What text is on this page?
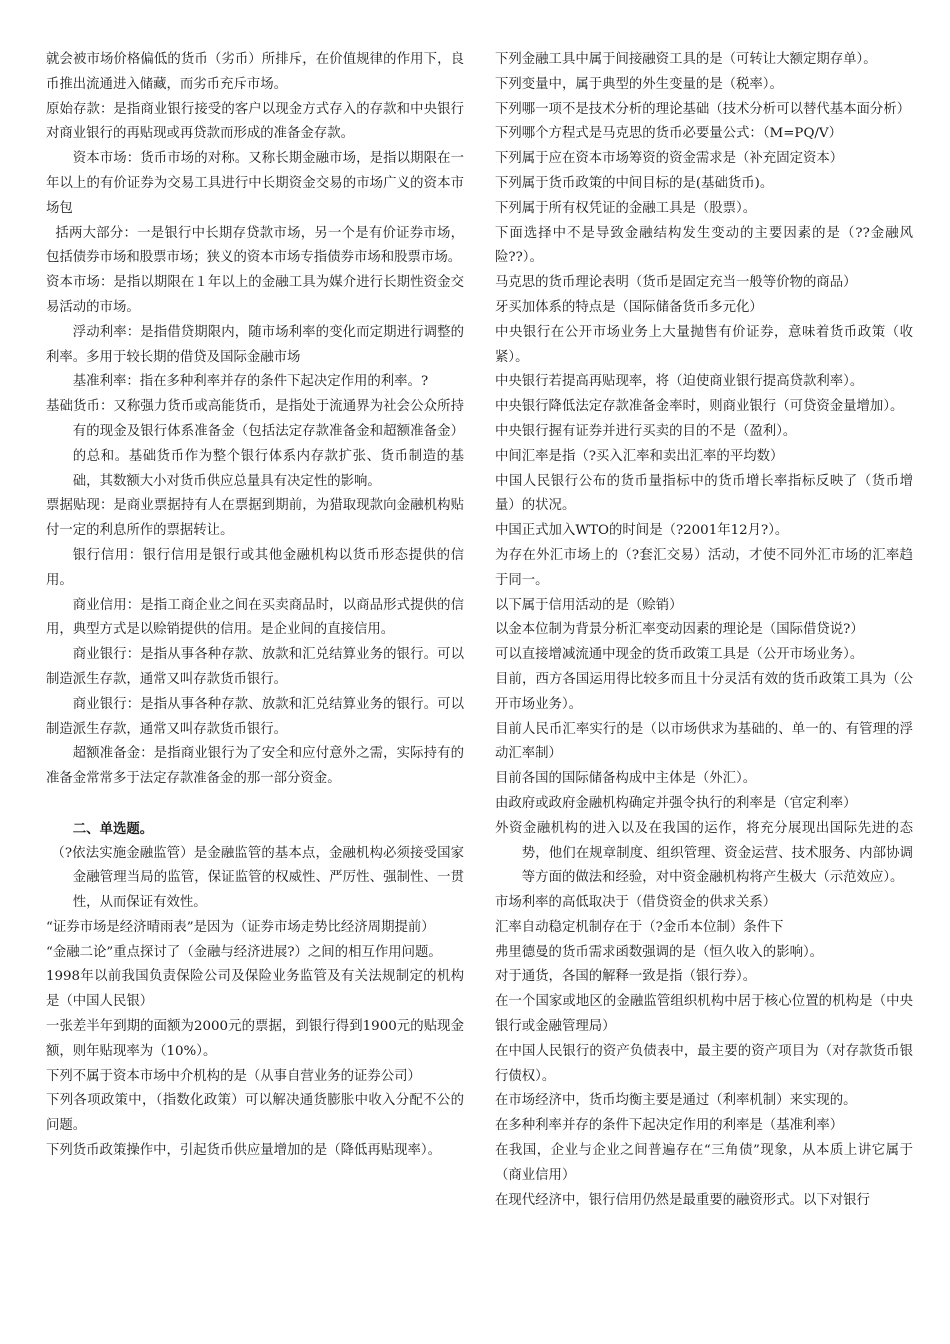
就会被市场价格偏低的货币（劣币）所排斥，在价值规律的作用下，良币推出流通进入储藏，而劣币充斥市场。

原始存款：是指商业银行接受的客户以现金方式存入的存款和中央银行对商业银行的再贴现或再贷款而形成的准备金存款。

资本市场：货币市场的对称。又称长期金融市场，是指以期限在一年以上的有价证券为交易工具进行中长期资金交易的市场广义的资本市场包

括两大部分：一是银行中长期存贷款市场，另一个是有价证券市场，包括债券市场和股票市场；狭义的资本市场专指债券市场和股票市场。

资本市场：是指以期限在１年以上的金融工具为媒介进行长期性资金交易活动的市场。

浮动利率：是指借贷期限内，随市场利率的变化而定期进行调整的利率。多用于较长期的借贷及国际金融市场

基准利率：指在多种利率并存的条件下起决定作用的利率。?

基础货币：又称强力货币或高能货币，是指处于流通界为社会公众所持有的现金及银行体系准备金（包括法定存款准备金和超额准备金）的总和。基础货币作为整个银行体系内存款扩张、货币制造的基础，其数额大小对货币供应总量具有决定性的影响。

票据贴现：是商业票据持有人在票据到期前，为猎取现款向金融机构贴付一定的利息所作的票据转让。

银行信用：银行信用是银行或其他金融机构以货币形态提供的信用。

商业信用：是指工商企业之间在买卖商品时，以商品形式提供的信用，典型方式是以赊销提供的信用。是企业间的直接信用。

商业银行：是指从事各种存款、放款和汇兑结算业务的银行。可以制造派生存款，通常又叫存款货币银行。

商业银行：是指从事各种存款、放款和汇兑结算业务的银行。可以制造派生存款，通常又叫存款货币银行。

超额准备金：是指商业银行为了安全和应付意外之需，实际持有的准备金常常多于法定存款准备金的那一部分资金。

二、单选题。

（?依法实施金融监管）是金融监管的基本点，金融机构必须接受国家金融管理当局的监管，保证监管的权威性、严厉性、强制性、一贯性，从而保证有效性。

“证券市场是经济晴雨表”是因为（证券市场走势比经济周期提前）

“金融二论”重点探讨了（金融与经济进展?）之间的相互作用问题。

1998年以前我国负责保险公司及保险业务监管及有关法规制定的机构是（中国人民银）

一张差半年到期的面额为2000元的票据，到银行得到1900元的贴现金额，则年贴现率为（10%）。

下列不属于资本市场中介机构的是（从事自营业务的证券公司）

下列各项政策中，（指数化政策）可以解决通货膨胀中收入分配不公的问题。

下列货币政策操作中，引起货币供应量增加的是（降低再贴现率）。

下列金融工具中属于间接融资工具的是（可转让大额定期存单）。

下列变量中，属于典型的外生变量的是（税率）。

下列哪一项不是技术分析的理论基础（技术分析可以替代基本面分析）

下列哪个方程式是马克思的货币必要量公式：（M=PQ/V）

下列属于应在资本市场筹资的资金需求是（补充固定资本）

下列属于货币政策的中间目标的是(基础货币)。

下列属于所有权凭证的金融工具是（股票）。

下面选择中不是导致金融结构发生变动的主要因素的是（??金融风险??）。

马克思的货币理论表明（货币是固定充当一般等价物的商品）

牙买加体系的特点是（国际储备货币多元化）

中央银行在公开市场业务上大量抛售有价证券，意味着货币政策（收紧）。

中央银行若提高再贴现率，将（迫使商业银行提高贷款利率）。

中央银行降低法定存款准备金率时，则商业银行（可贷资金量增加）。

中央银行握有证券并进行买卖的目的不是（盈利）。

中间汇率是指（?买入汇率和卖出汇率的平均数）

中国人民银行公布的货币量指标中的货币增长率指标反映了（货币增量）的状况。

中国正式加入WTO的时间是（?2001年12月?）。

为存在外汇市场上的（?套汇交易）活动，才使不同外汇市场的汇率趋于同一。

以下属于信用活动的是（赊销）

以金本位制为背景分析汇率变动因素的理论是（国际借贷说?）

可以直接增减流通中现金的货币政策工具是（公开市场业务）。

目前，西方各国运用得比较多而且十分灵活有效的货币政策工具为（公开市场业务）。

目前人民币汇率实行的是（以市场供求为基础的、单一的、有管理的浮动汇率制）

目前各国的国际储备构成中主体是（外汇）。

由政府或政府金融机构确定并强令执行的利率是（官定利率）

外资金融机构的进入以及在我国的运作，将充分展现出国际先进的态势，他们在规章制度、组织管理、资金运营、技术服务、内部协调等方面的做法和经验，对中资金融机构将产生极大（示范效应）。

市场利率的高低取决于（借贷资金的供求关系）

汇率自动稳定机制存在于（?金币本位制）条件下

弗里德曼的货币需求函数强调的是（恒久收入的影响）。

对于通货，各国的解释一致是指（银行券）。

在一个国家或地区的金融监管组织机构中居于核心位置的机构是（中央银行或金融管理局）

在中国人民银行的资产负债表中，最主要的资产项目为（对存款货币银行债权）。

在市场经济中，货币均衡主要是通过（利率机制）来实现的。

在多种利率并存的条件下起决定作用的利率是（基准利率）

在我国，企业与企业之间普遍存在“三角债”现象，从本质上讲它属于（商业信用）

在现代经济中，银行信用仍然是最重要的融资形式。以下对银行
